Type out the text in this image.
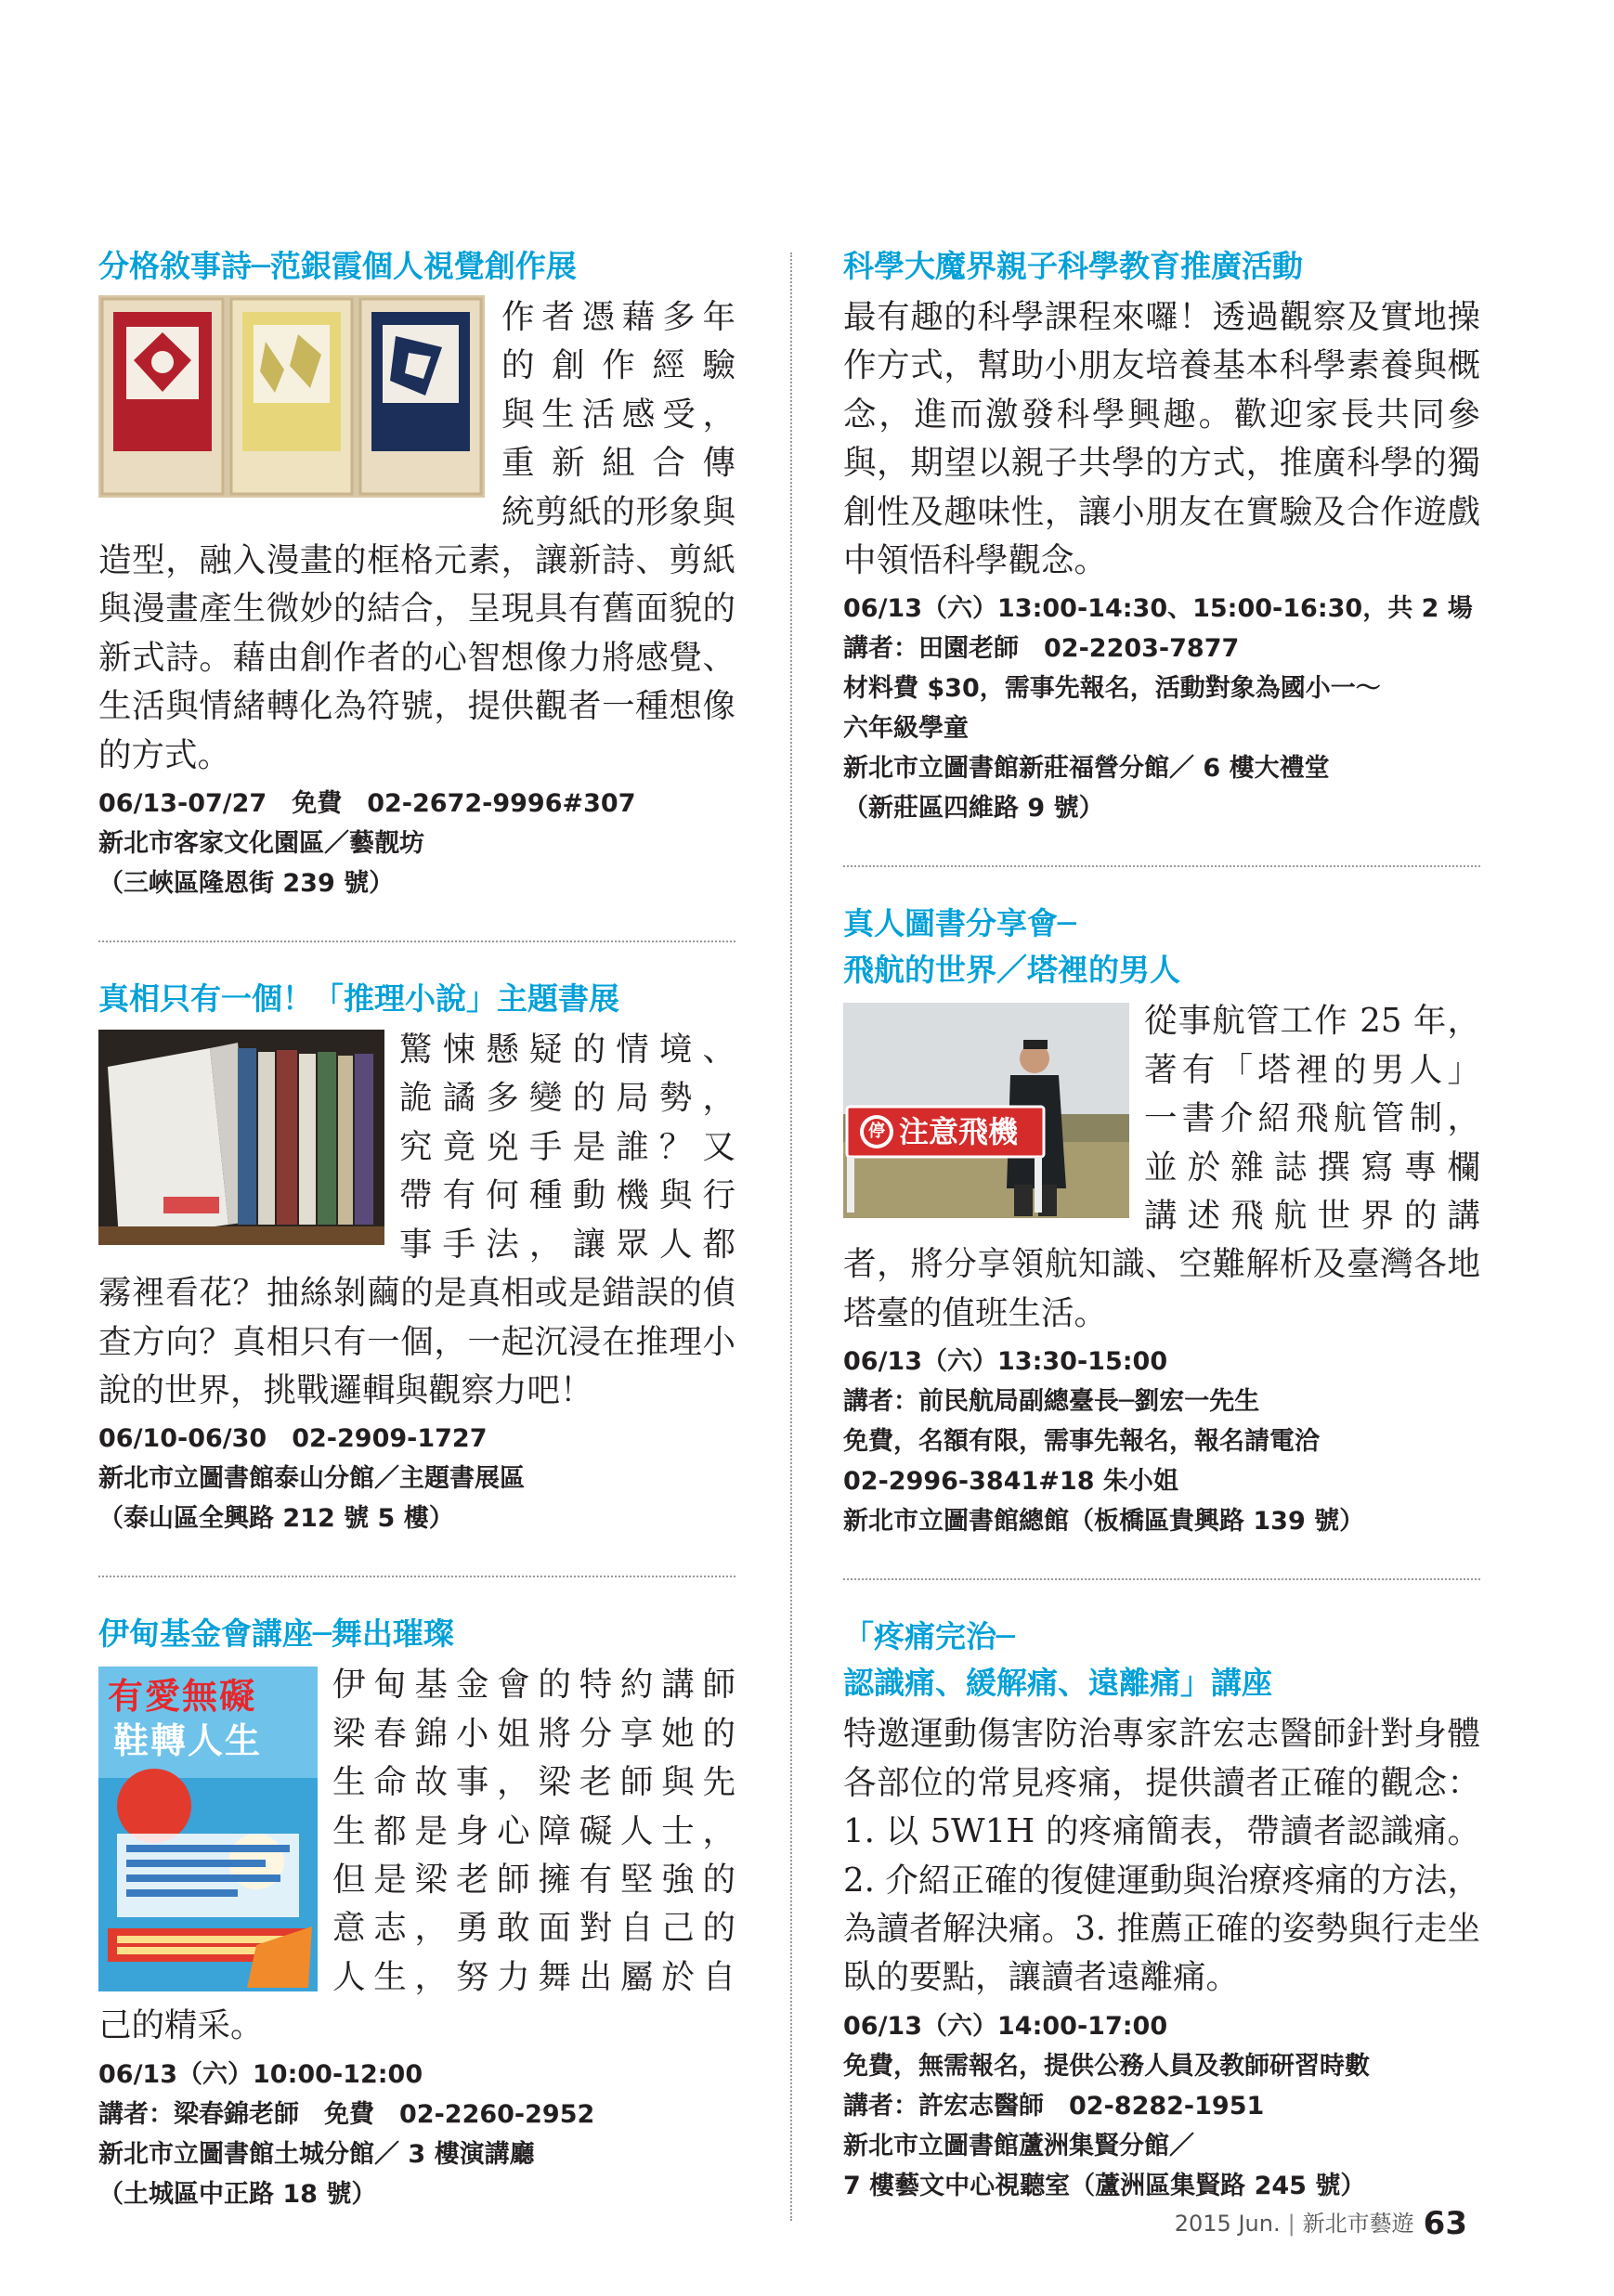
分格敘事詩─范銀霞個人視覺創作展
作者憑藉多年
的創作經驗
與生活感受，
重新組合傳
統剪紙的形象與造型，融入漫畫的框格元素，讓新詩、剪紙與漫畫產生微妙的結合，呈現具有舊面貌的新式詩。藉由創作者的心智想像力將感覺、生活與情緒轉化為符號，提供觀者一種想像的方式。
06/13-07/27　免費　02-2672-9996#307
新北市客家文化園區／藝靓坊
（三峽區隆恩街 239 號）
真相只有一個！「推理小說」主題書展
驚悚懸疑的情境、
詭譎多變的局勢，
究竟兇手是誰？又
帶有何種動機與行
事手法，讓眾人都
霧裡看花？抽絲剝繭的是真相或是錯誤的偵查方向？真相只有一個，一起沉浸在推理小說的世界，挑戰邏輯與觀察力吧！
06/10-06/30　02-2909-1727
新北市立圖書館泰山分館／主題書展區
（泰山區全興路 212 號 5 樓）
伊甸基金會講座─舞出璀璨
有愛無礙
鞋轉人生
伊甸基金會的特約講師
梁春錦小姐將分享她的
生命故事，梁老師與先
生都是身心障礙人士，
但是梁老師擁有堅強的
意志，勇敢面對自己的
人生，努力舞出屬於自
己的精采。
06/13（六）10:00-12:00
講者：梁春錦老師　免費　02-2260-2952
新北市立圖書館土城分館／ 3 樓演講廳
（土城區中正路 18 號）
科學大魔界親子科學教育推廣活動
最有趣的科學課程來囉！透過觀察及實地操作方式，幫助小朋友培養基本科學素養與概念，進而激發科學興趣。歡迎家長共同參與，期望以親子共學的方式，推廣科學的獨創性及趣味性，讓小朋友在實驗及合作遊戲中領悟科學觀念。
06/13（六）13:00-14:30、15:00-16:30，共 2 場
講者：田園老師　02-2203-7877
材料費 $30，需事先報名，活動對象為國小一～
六年級學童
新北市立圖書館新莊福營分館／ 6 樓大禮堂
（新莊區四維路 9 號）
真人圖書分享會─
飛航的世界／塔裡的男人
停 注意飛機
從事航管工作 25 年，
著有「塔裡的男人」
一書介紹飛航管制，
並於雜誌撰寫專欄
講述飛航世界的講
者，將分享領航知識、空難解析及臺灣各地塔臺的值班生活。
06/13（六）13:30-15:00
講者：前民航局副總臺長─劉宏一先生
免費，名額有限，需事先報名，報名請電洽
02-2996-3841#18 朱小姐
新北市立圖書館總館（板橋區貴興路 139 號）
「疼痛完治─
認識痛、緩解痛、遠離痛」講座
特邀運動傷害防治專家許宏志醫師針對身體各部位的常見疼痛，提供讀者正確的觀念：1. 以 5W1H 的疼痛簡表，帶讀者認識痛。2. 介紹正確的復健運動與治療疼痛的方法，為讀者解決痛。3. 推薦正確的姿勢與行走坐臥的要點，讓讀者遠離痛。
06/13（六）14:00-17:00
免費，無需報名，提供公務人員及教師研習時數
講者：許宏志醫師　02-8282-1951
新北市立圖書館蘆洲集賢分館／
7 樓藝文中心視聽室（蘆洲區集賢路 245 號）
2015 Jun. | 新北市藝遊 63
